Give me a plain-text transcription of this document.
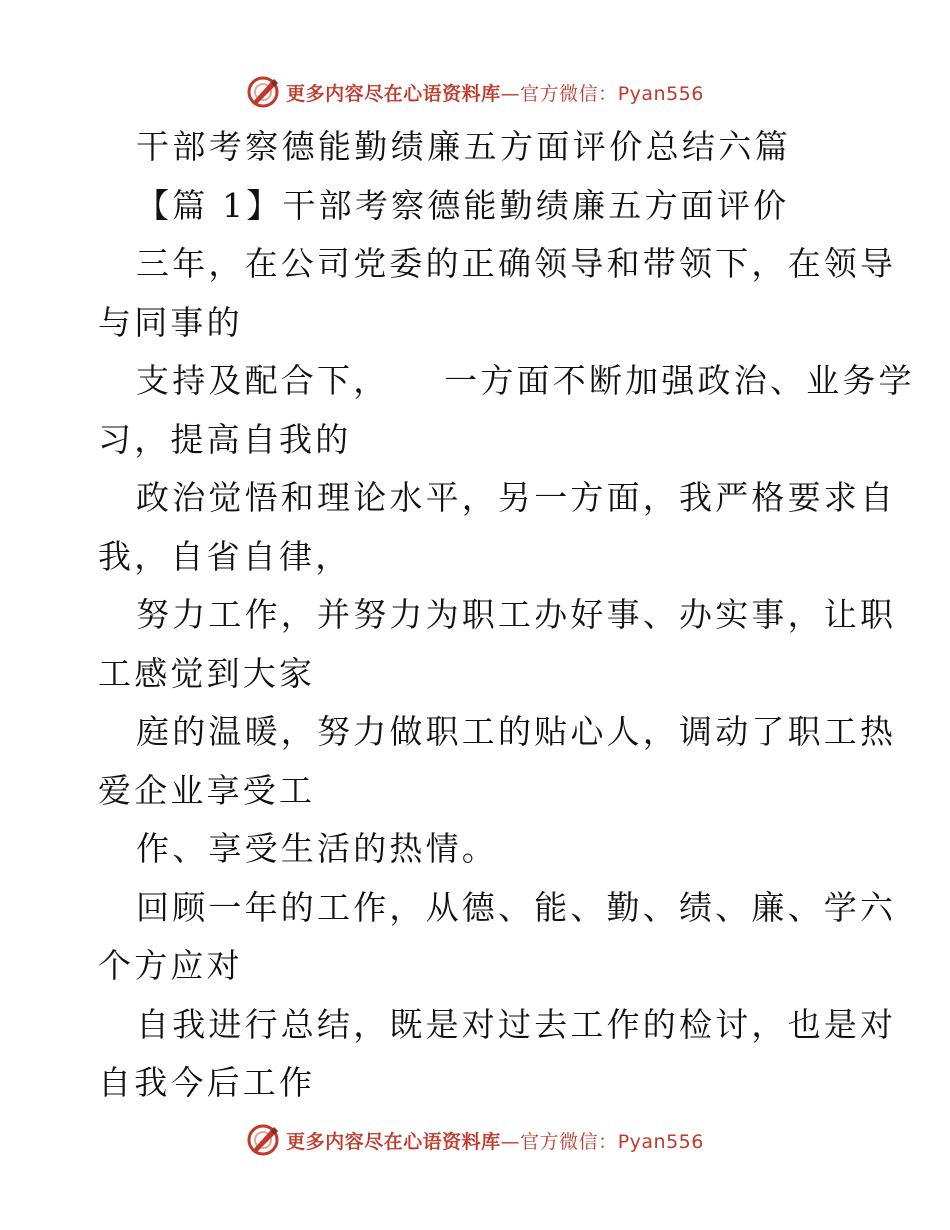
更多内容尽在心语资料库—官方微信：Pyan556
干部考察德能勤绩廉五方面评价总结六篇
【篇 1】干部考察德能勤绩廉五方面评价
三年，在公司党委的正确领导和带领下，在领导
与同事的
支持及配合下，    一方面不断加强政治、业务学
习，提高自我的
政治觉悟和理论水平，另一方面，我严格要求自
我，自省自律，
努力工作，并努力为职工办好事、办实事，让职
工感觉到大家
庭的温暖，努力做职工的贴心人，调动了职工热
爱企业享受工
作、享受生活的热情。
回顾一年的工作，从德、能、勤、绩、廉、学六
个方应对
自我进行总结，既是对过去工作的检讨，也是对
自我今后工作
更多内容尽在心语资料库—官方微信：Pyan556
